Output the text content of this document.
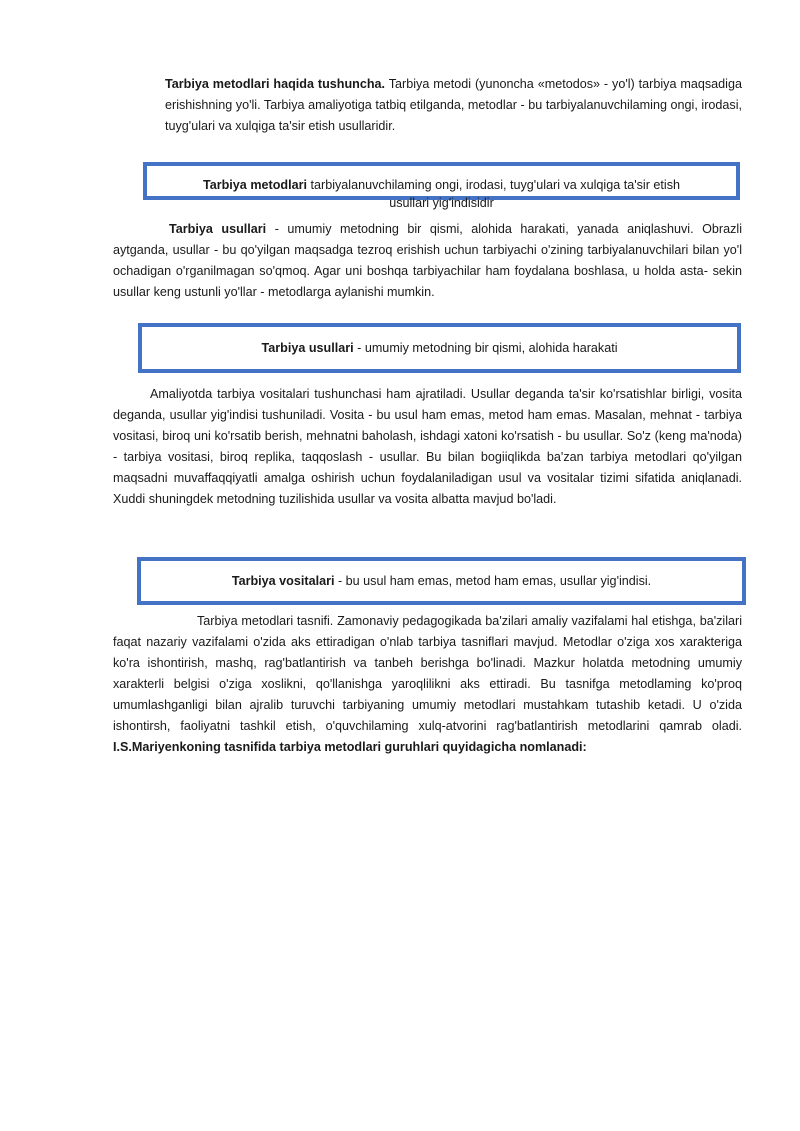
Tarbiya metodlari haqida tushuncha. Tarbiya metodi (yunoncha «metodos» - yo'l) tarbiya maqsadiga erishishning yo'li. Tarbiya amaliyotiga tatbiq etilganda, metodlar - bu tarbiyalanuvchilaming ongi, irodasi, tuyg'ulari va xulqiga ta'sir etish usullaridir.

Tarbiya metodlari tarbiyalanuvchilaming ongi, irodasi, tuyg'ulari va xulqiga ta'sir etish
usullari yig'indisidir

Tarbiya usullari - umumiy metodning bir qismi, alohida harakati, yanada aniqlashuvi. Obrazli aytganda, usullar - bu qo'yilgan maqsadga tezroq erishish uchun tarbiyachi o'zining tarbiyalanuvchilari bilan yo'l ochadigan o'rganilmagan so'qmoq. Agar uni boshqa tarbiyachilar ham foydalana boshlasa, u holda asta- sekin usullar keng ustunli yo'llar - metodlarga aylanishi mumkin.

Tarbiya usullari - umumiy metodning bir qismi, alohida harakati

Amaliyotda tarbiya vositalari tushunchasi ham ajratiladi. Usullar deganda ta'sir ko'rsatishlar birligi, vosita deganda, usullar yig'indisi tushuniladi. Vosita - bu usul ham emas, metod ham emas. Masalan, mehnat - tarbiya vositasi, biroq uni ko'rsatib berish, mehnatni baholash, ishdagi xatoni ko'rsatish - bu usullar. So'z (keng ma'noda) - tarbiya vositasi, biroq replika, taqqoslash - usullar. Bu bilan bogiiqlikda ba'zan tarbiya metodlari qo'yilgan maqsadni muvaffaqqiyatli amalga oshirish uchun foydalaniladigan usul va vositalar tizimi sifatida aniqlanadi. Xuddi shuningdek metodning tuzilishida usullar va vosita albatta mavjud bo'ladi.

Tarbiya vositalari - bu usul ham emas, metod ham emas, usullar yig'indisi.

Tarbiya metodlari tasnifi. Zamonaviy pedagogikada ba'zilari amaliy vazifalami hal etishga, ba'zilari faqat nazariy vazifalami o'zida aks ettiradigan o'nlab tarbiya tasniflari mavjud. Metodlar o'ziga xos xarakteriga ko'ra ishontirish, mashq, rag'batlantirish va tanbeh berishga bo'linadi. Mazkur holatda metodning umumiy xarakterli belgisi o'ziga xoslikni, qo'llanishga yaroqlilikni aks ettiradi. Bu tasnifga metodlaming ko'proq umumlashganligi bilan ajralib turuvchi tarbiyaning umumiy metodlari mustahkam tutashib ketadi. U o'zida ishontirsh, faoliyatni tashkil etish, o'quvchilaming xulq-atvorini rag'batlantirish metodlarini qamrab oladi. I.S.Mariyenkoning tasnifida tarbiya metodlari guruhlari quyidagicha nomlanadi:
